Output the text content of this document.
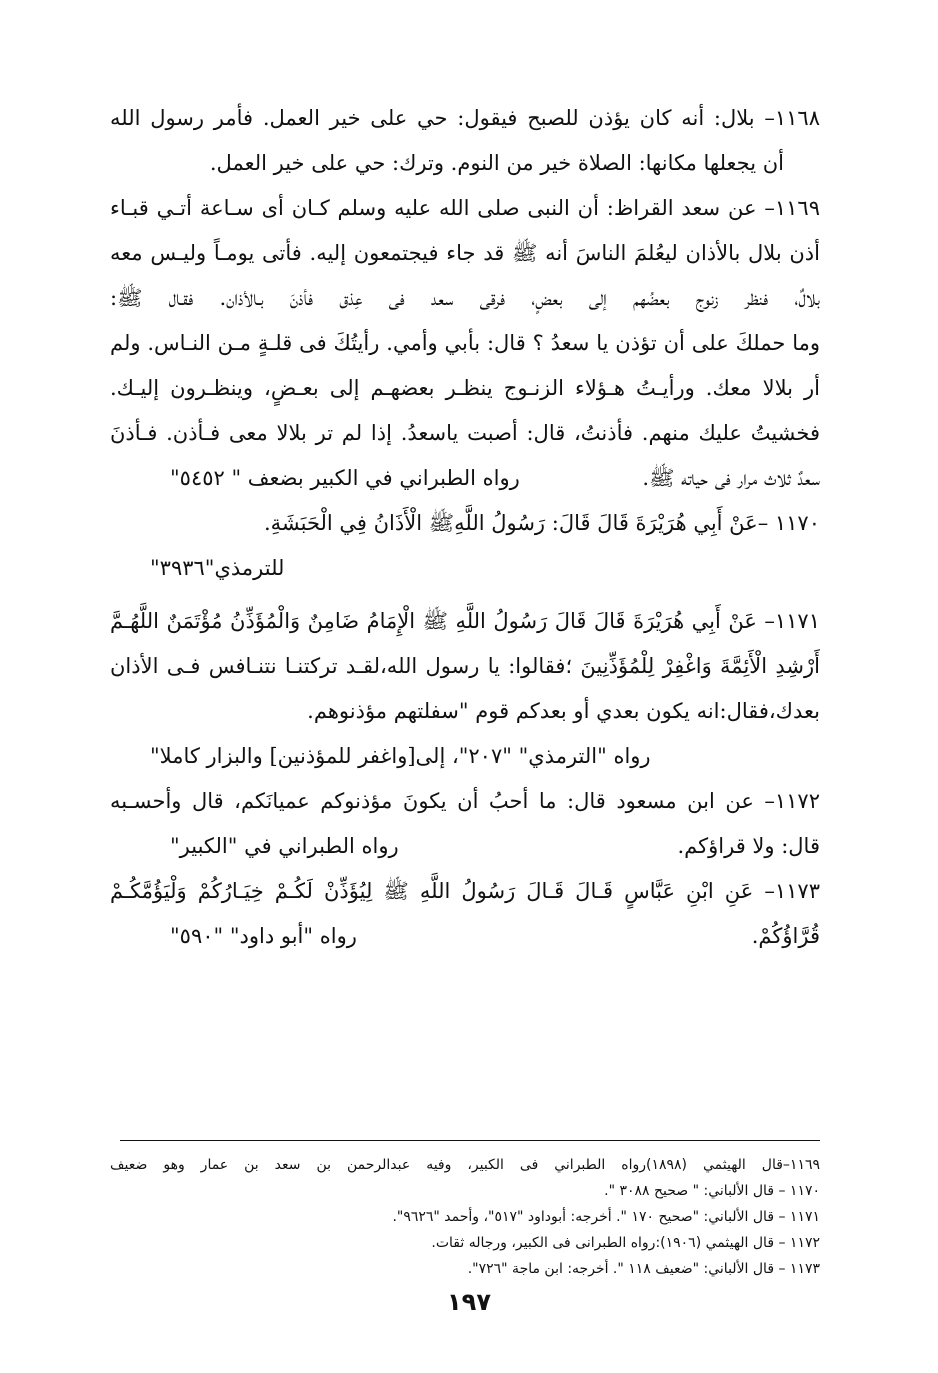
١١٦٨– بلال: أنه كان يؤذن للصبح فيقول: حي على خير العمل. فأمر رسول الله
أن يجعلها مكانها: الصلاة خير من النوم. وترك: حي على خير العمل.
١١٦٩– عن سعد القراظ: أن النبى صلى الله عليه وسلم كـان أى سـاعة أتـي قبـاء
أذن بلال بالأذان ليعُلمَ الناسَ أنه ﷺ قد جاء فيجتمعون إليه. فأتى يومـاً وليـس معه
بلالٌ، فنظر زنوج بعضُهم إلى بعضٍ، فرقى سعد فى عِذق فأذنَ بـالأذان. فقـال ﷺ:
وما حملكَ على أن تؤذن يا سعدُ ؟ قال: بأبي وأمي. رأيتُكَ فى قلـةٍ مـن النـاس. ولم
أر بلالا معك. ورأيـتُ هـؤلاء الزنـوج ينظـر بعضهـم إلى بعـضٍ، وينظـرون إليـك.
فخشيتُ عليك منهم. فأذنتُ، قال: أصبت ياسعدُ. إذا لم تر بلالا معى فـأذن. فـأذنَ
سعدٌ ثلاث مرار فى حياته ﷺ.
رواه الطبراني في الكبير بضعف " ٥٤٥٢"
١١٧٠ –عَنْ أَبِي هُرَيْرَةَ قَالَ قَالَ: رَسُولُ اللَّهِﷺ الْأَذَانُ فِي الْحَبَشَةِ.
للترمذي"٣٩٣٦"
١١٧١– عَنْ أَبِي هُرَيْرَةَ قَالَ قَالَ رَسُولُ اللَّهِ ﷺ الْإِمَامُ ضَامِنٌ وَالْمُؤَذِّنُ مُؤْتَمَنٌ اللَّهُـمَّ
أَرْشِدِ الْأَئِمَّةَ وَاغْفِرْ لِلْمُؤَذِّنِينَ ؛فقالوا: يا رسول الله،لقـد تركتنـا نتنـافس فـى الأذان
بعدك،فقال:انه يكون بعدي أو بعدكم قوم "سفلتهم مؤذنوهم.
رواه "الترمذي" "٢٠٧"، إلى[واغفر للمؤذنين] والبزار كاملا"
١١٧٢– عن ابن مسعود قال: ما أحبُ أن يكونَ مؤذنوكم عميانَكم، قال وأحسـبه
قال: ولا قراؤكم.
رواه الطبراني في "الكبير"
١١٧٣– عَنِ ابْنِ عَبَّاسٍ قَـالَ قَـالَ رَسُولُ اللَّهِ ﷺ لِيُؤَذِّنْ لَكُـمْ خِيَـارُكُمْ وَلْيَؤُمَّكُـمْ
قُرَّاؤُكُمْ.
رواه "أبو داود" "٥٩٠"
١١٦٩–قال الهيثمي (١٨٩٨)رواه الطبراني فى الكبير، وفيه عبدالرحمن بن سعد بن عمار وهو ضعيف
١١٧٠ – قال الألباني: " صحيح ٣٠٨٨ ".
١١٧١ – قال الألباني: "صحيح ١٧٠ ". أخرجه: أبوداود "٥١٧"، وأحمد "٩٦٢٦".
١١٧٢ – قال الهيثمي (١٩٠٦):رواه الطبرانى فى الكبير، ورجاله ثقات.
١١٧٣ – قال الألباني: "ضعيف ١١٨ ". أخرجه: ابن ماجة "٧٢٦".
١٩٧
